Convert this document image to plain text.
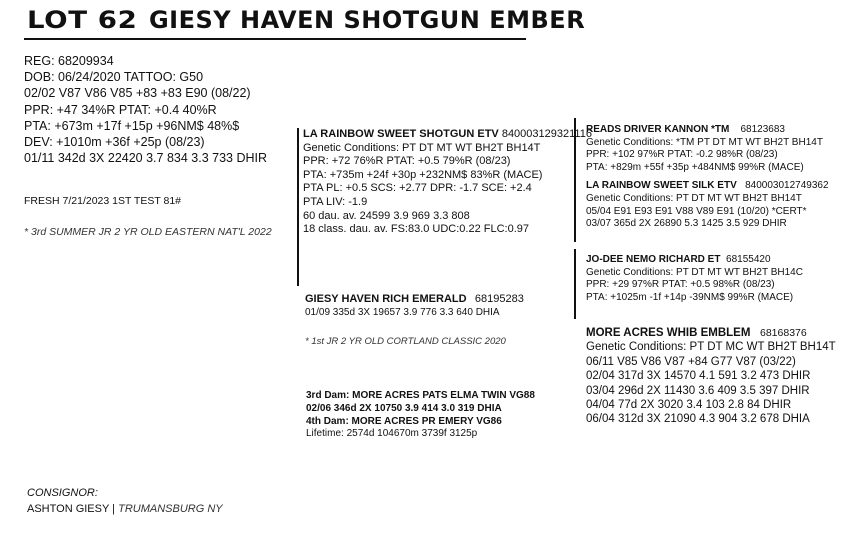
LOT 62 GIESY HAVEN SHOTGUN EMBER
REG: 68209934
DOB: 06/24/2020 TATTOO: G50
02/02 V87 V86 V85 +83 +83 E90 (08/22)
PPR: +47 34%R PTAT: +0.4 40%R
PTA: +673m +17f +15p +96NM$ 48%$
DEV: +1010m +36f +25p (08/23)
01/11 342d 3X 22420 3.7 834 3.3 733 DHIR
FRESH 7/21/2023 1ST TEST 81#
* 3rd SUMMER JR 2 YR OLD EASTERN NAT'L 2022
LA RAINBOW SWEET SHOTGUN ETV 840003129321116
Genetic Conditions: PT DT MT WT BH2T BH14T
PPR: +72 76%R PTAT: +0.5 79%R (08/23)
PTA: +735m +24f +30p +232NM$ 83%R (MACE)
PTA PL: +0.5 SCS: +2.77 DPR: -1.7 SCE: +2.4
PTA LIV: -1.9
60 dau. av. 24599 3.9 969 3.3 808
18 class. dau. av. FS:83.0 UDC:0.22 FLC:0.97
GIESY HAVEN RICH EMERALD 68195283
01/09 335d 3X 19657 3.9 776 3.3 640 DHIA
* 1st JR 2 YR OLD CORTLAND CLASSIC 2020
3rd Dam: MORE ACRES PATS ELMA TWIN VG88
02/06 346d 2X 10750 3.9 414 3.0 319 DHIA
4th Dam: MORE ACRES PR EMERY VG86
Lifetime: 2574d 104670m 3739f 3125p
READS DRIVER KANNON *TM 68123683
Genetic Conditions: *TM PT DT MT WT BH2T BH14T
PPR: +102 97%R PTAT: -0.2 98%R (08/23)
PTA: +829m +55f +35p +484NM$ 99%R (MACE)
LA RAINBOW SWEET SILK ETV 840003012749362
Genetic Conditions: PT DT MT WT BH2T BH14T
05/04 E91 E93 E91 V88 V89 E91 (10/20) *CERT*
03/07 365d 2X 26890 5.3 1425 3.5 929 DHIR
JO-DEE NEMO RICHARD ET 68155420
Genetic Conditions: PT DT MT WT BH2T BH14C
PPR: +29 97%R PTAT: +0.5 98%R (08/23)
PTA: +1025m -1f +14p -39NM$ 99%R (MACE)
MORE ACRES WHIB EMBLEM 68168376
Genetic Conditions: PT DT MC WT BH2T BH14T
06/11 V85 V86 V87 +84 G77 V87 (03/22)
02/04 317d 3X 14570 4.1 591 3.2 473 DHIR
03/04 296d 2X 11430 3.6 409 3.5 397 DHIR
04/04 77d 2X 3020 3.4 103 2.8 84 DHIR
06/04 312d 3X 21090 4.3 904 3.2 678 DHIA
CONSIGNOR:
ASHTON GIESY | TRUMANSBURG NY
